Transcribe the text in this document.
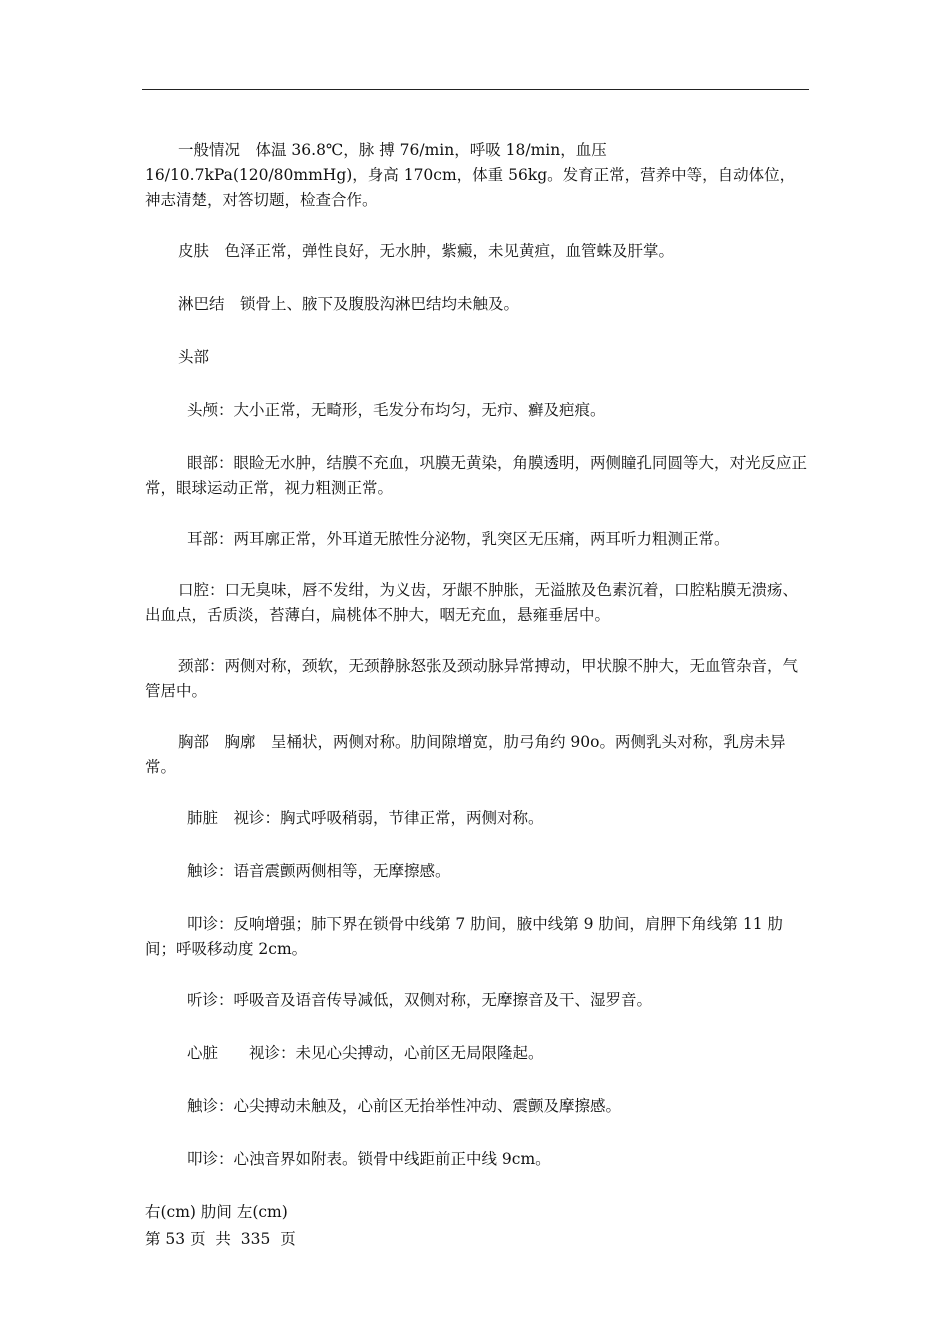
一般情况　体温 36.8℃，脉 搏 76/min，呼吸 18/min，血压 16/10.7kPa(120/80mmHg)，身高 170cm，体重 56kg。发育正常，营养中等，自动体位，神志清楚，对答切题，检查合作。

皮肤　色泽正常，弹性良好，无水肿，紫癜，未见黄疸，血管蛛及肝掌。

淋巴结　锁骨上、腋下及腹股沟淋巴结均未触及。

头部

头颅：大小正常，无畸形，毛发分布均匀，无疖、癣及疤痕。

眼部：眼睑无水肿，结膜不充血，巩膜无黄染，角膜透明，两侧瞳孔同圆等大，对光反应正常，眼球运动正常，视力粗测正常。

耳部：两耳廓正常，外耳道无脓性分泌物，乳突区无压痛，两耳听力粗测正常。

口腔：口无臭味，唇不发绀，为义齿，牙龈不肿胀，无溢脓及色素沉着，口腔粘膜无溃疡、出血点，舌质淡，苔薄白，扁桃体不肿大，咽无充血，悬雍垂居中。

颈部：两侧对称，颈软，无颈静脉怒张及颈动脉异常搏动，甲状腺不肿大，无血管杂音，气管居中。

胸部　胸廓　呈桶状，两侧对称。肋间隙增宽，肋弓角约 90o。两侧乳头对称，乳房未异常。

肺脏　视诊：胸式呼吸稍弱，节律正常，两侧对称。

触诊：语音震颤两侧相等，无摩擦感。

叩诊：反响增强；肺下界在锁骨中线第 7 肋间，腋中线第 9 肋间，肩胛下角线第 11 肋间；呼吸移动度 2cm。

听诊：呼吸音及语音传导减低，双侧对称，无摩擦音及干、湿罗音。

心脏　　视诊：未见心尖搏动，心前区无局限隆起。

触诊：心尖搏动未触及，心前区无抬举性冲动、震颤及摩擦感。

叩诊：心浊音界如附表。锁骨中线距前正中线 9cm。

右(cm) 肋间 左(cm)

第 53 页  共  335  页
